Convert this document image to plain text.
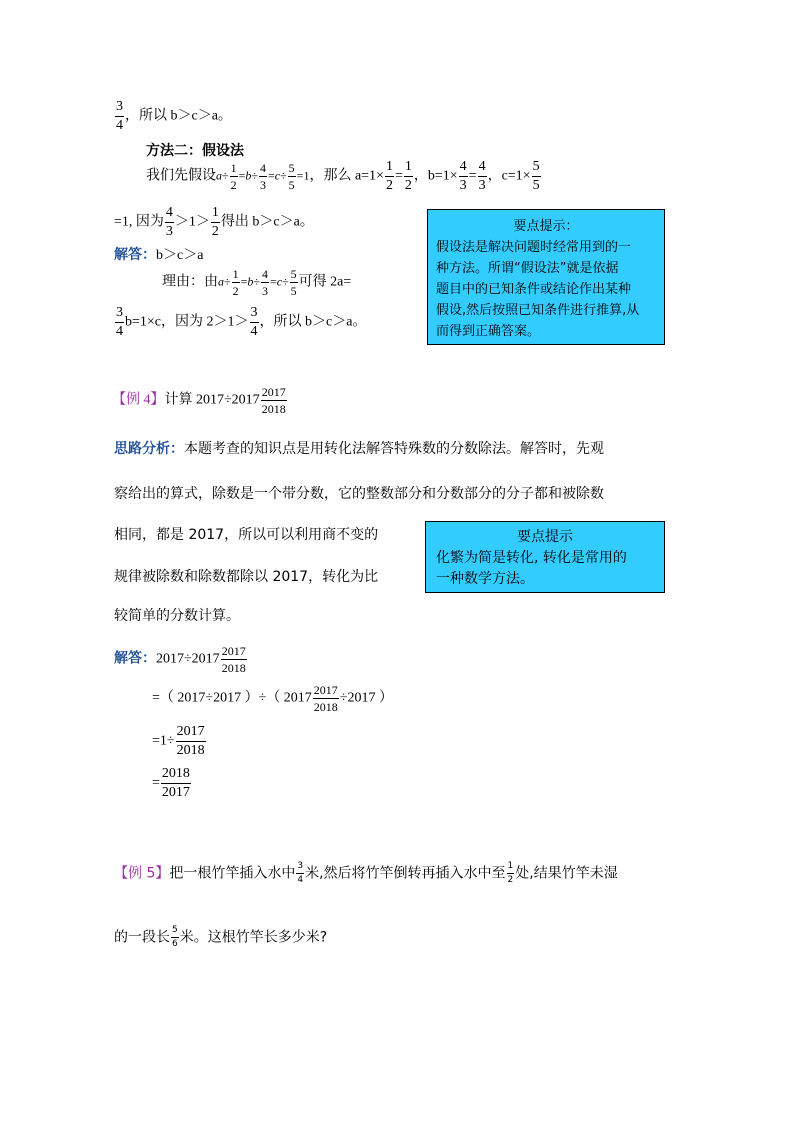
$\frac{3}{4}$ ，所以 b＞c＞a。
方法二：假设法
我们先假设$a\div \frac{1}{2} =b\div \frac{4}{3} =c\div \frac{5}{5} =1$，那么 $a=1\times \frac{1}{2} = \frac{1}{2}$ ，$b=1\times \frac{4}{3} = \frac{4}{3}$ ，$c=1\times \frac{5}{5}$
=1, 因为 $\frac{4}{3} >1> \frac{1}{2}$ 得出 b＞c＞a。
解答：b＞c＞a
理由：由$a\div \frac{1}{2} =b\div \frac{4}{3} =c\div \frac{5}{5}$ 可得 2a=
$\frac{3}{4} b=1\times c$，因为 $2>1> \frac{3}{4}$ ，所以 b＞c＞a。
要点提示：
假设法是解决问题时经常用到的一
种方法。所谓“假设法”就是依据
题目中的已知条件或结论作出某种
假设,然后按照已知条件进行推算,从
而得到正确答案。
【例 4】计算 $2017\div 2017 \frac{2017}{2018}$
思路分析：本题考查的知识点是用转化法解答特殊数的分数除法。解答时，先观
察给出的算式，除数是一个带分数，它的整数部分和分数部分的分子都和被除数
相同，都是 2017，所以可以利用商不变的
规律被除数和除数都除以 2017，转化为比
较简单的分数计算。
要点提示
化繁为简是转化, 转化是常用的
一种数学方法。
解答：$2017\div 2017 \frac{2017}{2018}$
=（ 2017÷2017 ）÷（ $2017 \frac{2017}{2018} \div 2017$ ）
$=1\div \frac{2017}{2018}$
= $\frac{2018}{2017}$
【例 5】把一根竹竿插入水中 $\frac{3}{4}$ 米,然后将竹竿倒转再插入水中至 $\frac{1}{2}$ 处,结果竹竿未湿
的一段长 $\frac{5}{6}$ 米。这根竹竿长多少米?
